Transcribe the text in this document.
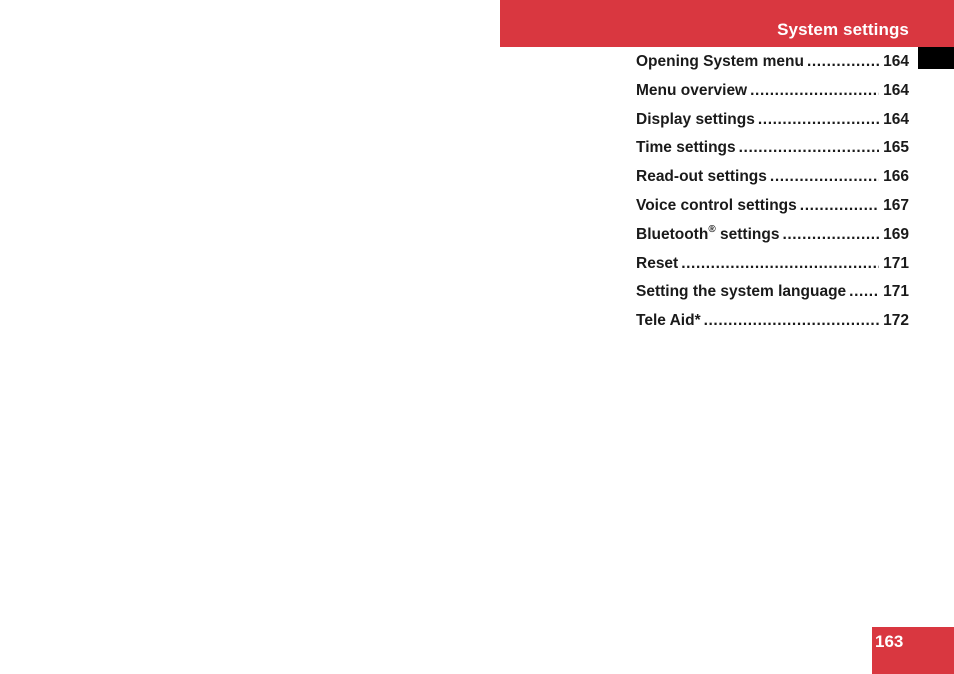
System settings
Opening System menu .....	164
Menu overview .....	164
Display settings .....	164
Time settings .....	165
Read-out settings .....	166
Voice control settings .....	167
Bluetooth® settings .....	169
Reset .....	171
Setting the system language ..... 171
Tele Aid* .....	172
163
